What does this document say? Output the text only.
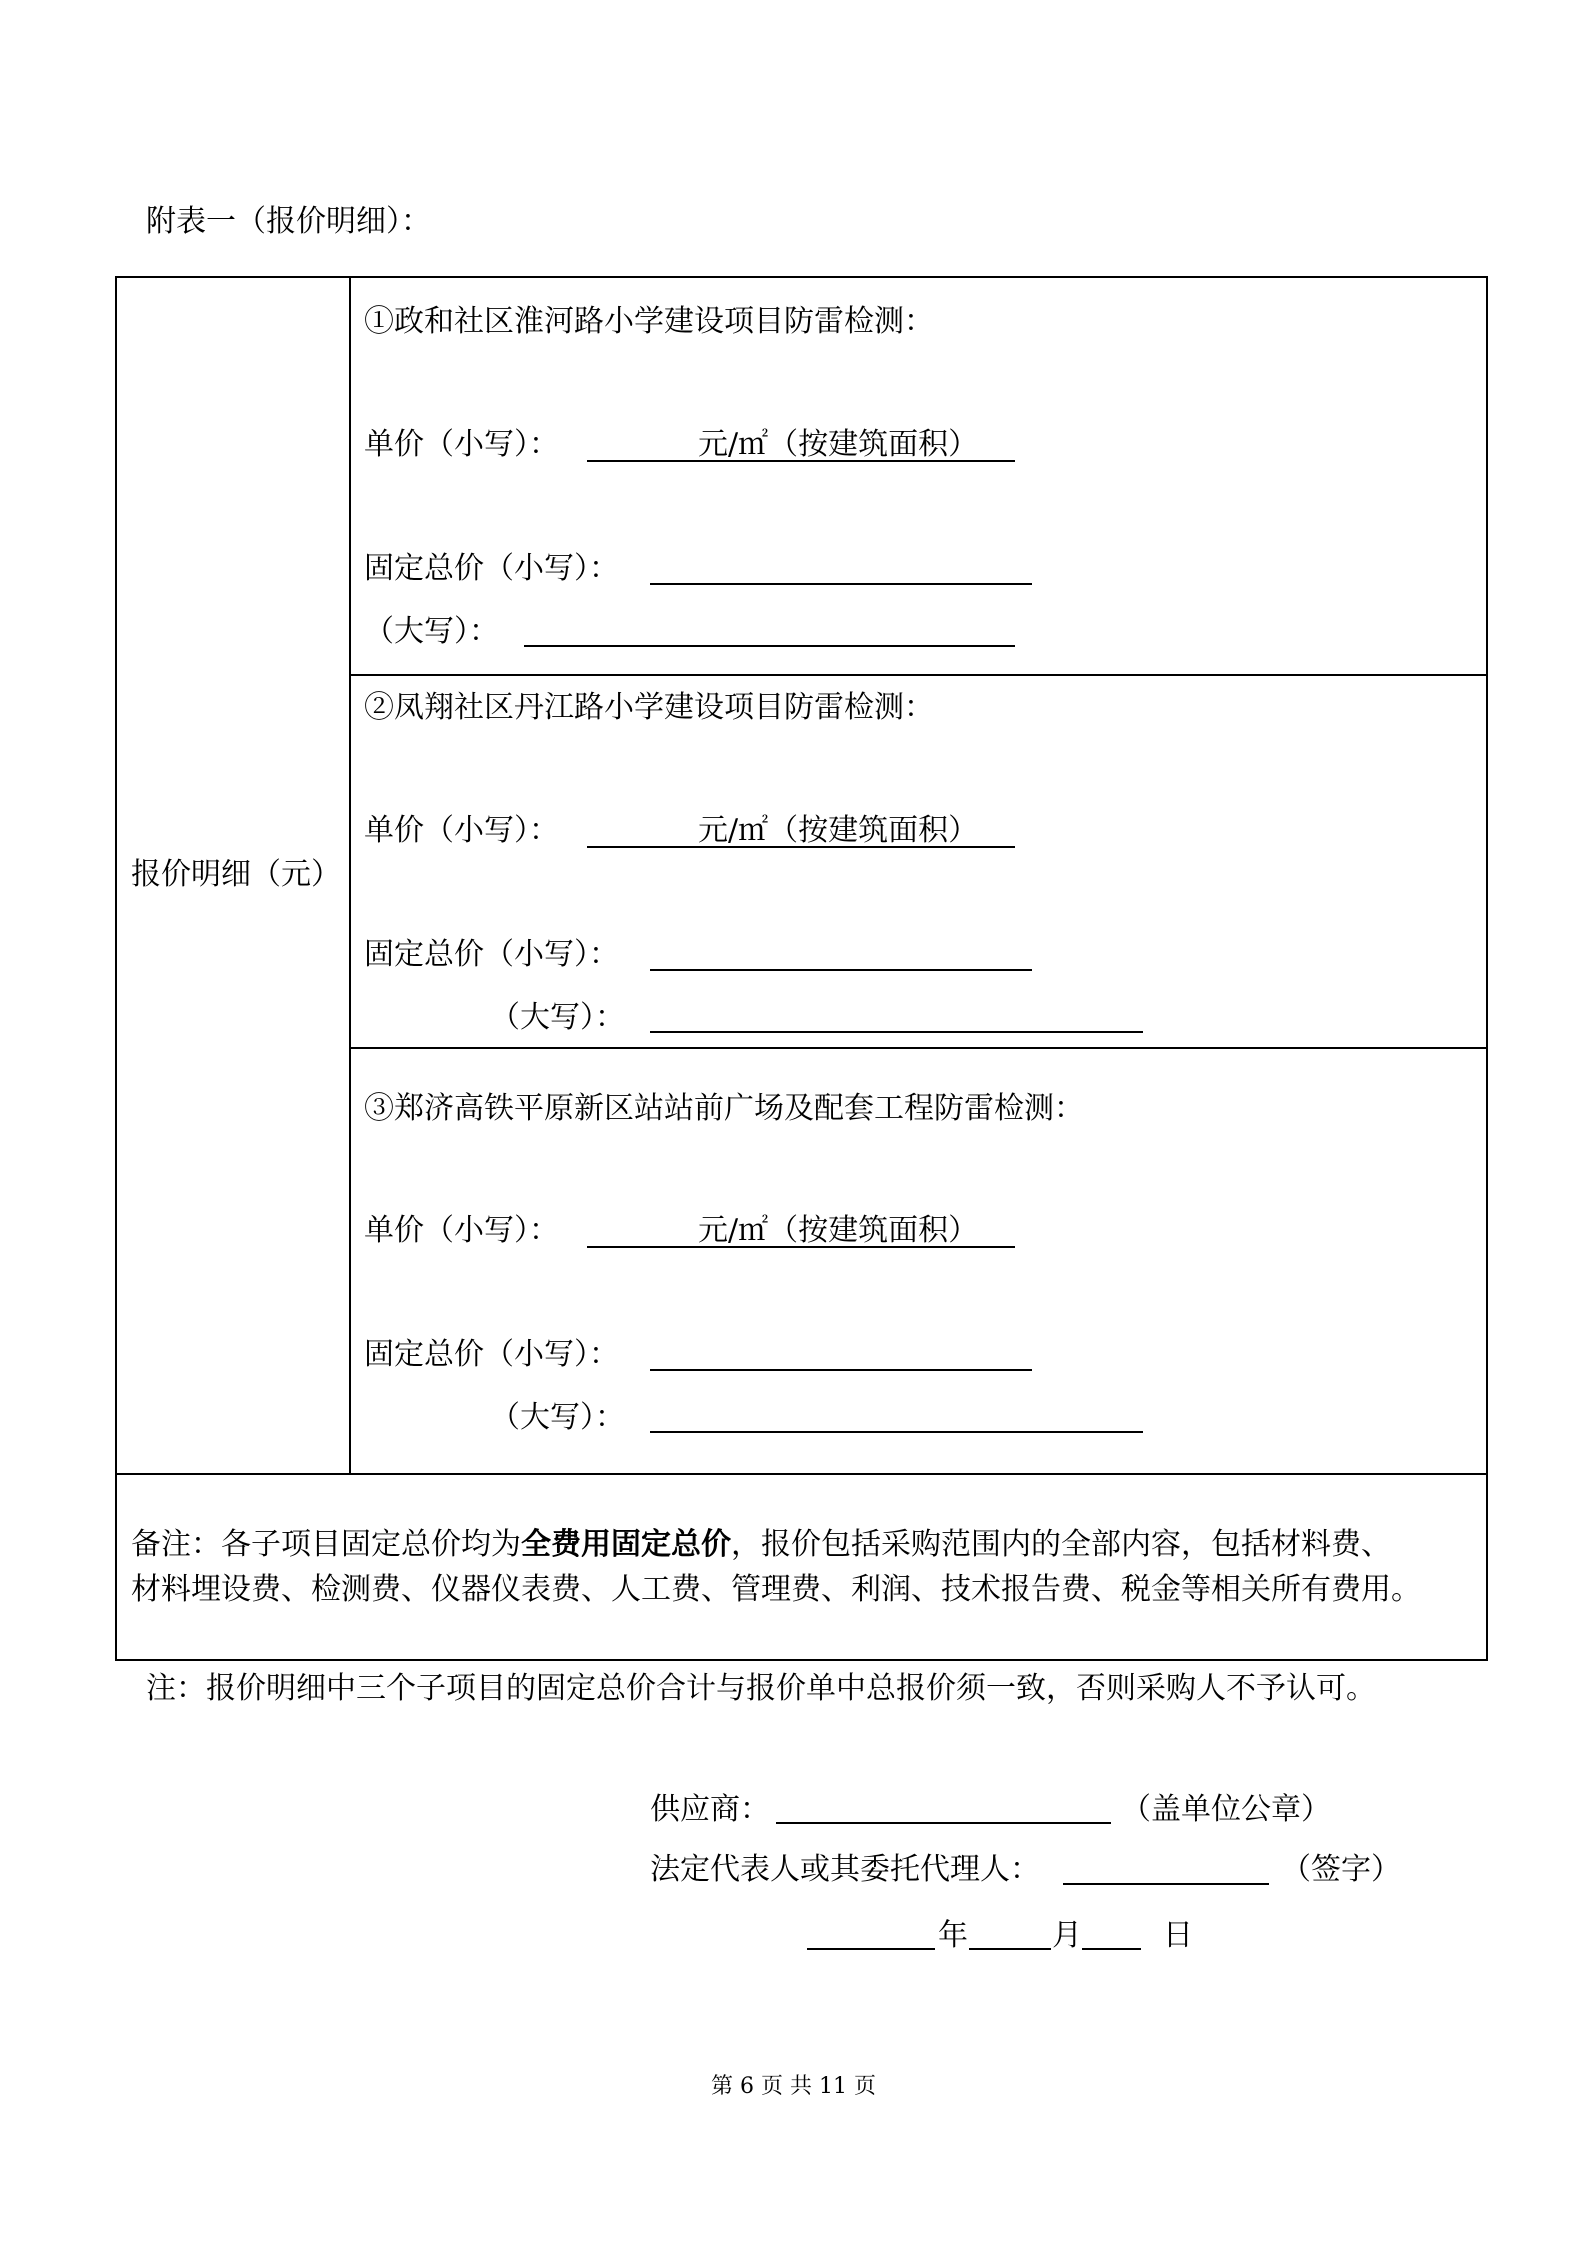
附表一（报价明细）：
报价明细（元）
①政和社区淮河路小学建设项目防雷检测：
单价（小写）：	元/㎡（按建筑面积）
固定总价（小写）：
（大写）：
②凤翔社区丹江路小学建设项目防雷检测：
单价（小写）：	元/㎡（按建筑面积）
固定总价（小写）：
（大写）：
③郑济高铁平原新区站站前广场及配套工程防雷检测：
单价（小写）：	元/㎡（按建筑面积）
固定总价（小写）：
（大写）：
备注：各子项目固定总价均为全费用固定总价，报价包括采购范围内的全部内容，包括材料费、
材料埋设费、检测费、仪器仪表费、人工费、管理费、利润、技术报告费、税金等相关所有费用。
注：报价明细中三个子项目的固定总价合计与报价单中总报价须一致，否则采购人不予认可。
供应商：	（盖单位公章）
法定代表人或其委托代理人：	（签字）
年	月	日
第 6 页 共 11 页
